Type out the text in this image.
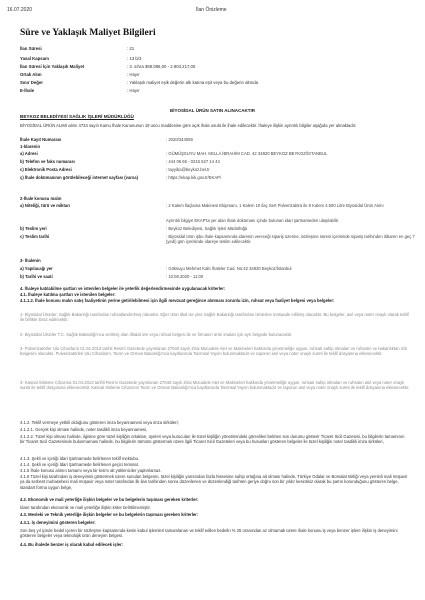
16.07.2020	İlan Önizleme
Süre ve Yaklaşık Maliyet Bilgileri
İlan Süresi	: 21
Yasal Kapsam	: 13 b/3
İlan Süresi İçin Yaklaşık Maliyet	: 3. sıhra 388.086,00 - 2.904.217,00
Ortak Alım	: Hayır
Sınır Değer	: Yaklaşık maliyet eşik değerin altı katına eşit veya bu değerin altında
E-İhale	: Hayır
BİYOSİDAL ÜRÜN SATIN ALINACAKTIR
BEYKOZ BELEDİYESİ SAĞLIK İŞLERİ MÜDÜRLÜĞÜ
BİYOSİDAL ÜRÜN ALIMI alımı 4734 sayılı Kamu İhale Kanununun 19 uncu maddesine göre açık ihale usulü ile ihale edilecektir. İhaleye ilişkin ayrıntılı bilgiler aşağıda yer almaktadır:
İhale Kayıt Numarası	: 2020/344059
1-İdarenin
a) Adresi	: GÜMÜŞSUYU MAH. KELLA İBRAHİM CAD. 42 34820 BEYKOZ BEYKOZ/İSTANBUL
b) Telefon ve faks numarası	: 444 06 65 - 0216 527 14 44
c) Elektronik Posta Adresi	: tayyiba@beykoz.bel.tr
ç) İhale dokümanının görülebileceği internet sayfası (varsa)	: https://ekap.kik.gov.tr/EKAP/
2-İhale konusu malın
a) Niteliği, türü ve miktarı	: 2 Kalem İlaçlama Makinesi Ekipmanı, 1 Kalem 10 ilaç Sert Pulverizatörü ile 8 Kalem 4.500 Litre Biyosidal Ürün Alımı
Ayrıntılı bilgiye EKAP'ta yer alan ihale dokümanı içinde bulunan idari şartnameden ulaşılabilir.
b) Teslim yeri	: Beykoz Belediyesi, Sağlık İşleri Müdürlüğü
c) Teslim tarihi	: Biyosidal ürün işbu ihale kapsamında idarenin vereceği sipariş üzerine, sözleşme süresi içerisinde sipariş tarihinden itibaren en geç 7 (yedi) gün içerisinde idareye teslim edilecektir.
3- İhalenin
a) Yapılacağı yer	: Göksuyu Mehmet Kaltı İhaleler Cad. No:42 34820 Beykoz/İstanbul
b) Tarihi ve saati	: 10.08.2020 - 11:00
4. İhaleye katılabilme şartları ve istenilen belgeler ile yeterlik değerlendirmesinde uygulanacak kriterler:
4.1. İhaleye katılma şartları ve istenilen belgeler:
4.1.1.2. İhale konusu malın satış faaliyetinin yerine getirilebilmesi için ilgili mevzuat gereğince alınması zorunlu izin, ruhsat veya faaliyet belgesi veya belgeler:
1- Biyosidal Ürünler; Sağlık Bakanlığı tarafından ruhsatlandırılmış olacaktır. Eğer ürün itkal ise yine Sağlık Bakanlığı tarafından izinlerine müsaade edilmiş olacaktır. Bu belgeler, asıl veya noter onaylı olarak teklif ile birlikte ibraz edilecektir.
2- Biyosidal Ürünler T.C. Sağlık Bakanlığı'nca verilmiş olan ithalat izni veya ruhsat belgesi ile ve firmanın ürün imalatı için ayrı belgede bulunacaktır.
3- Pulverizatörler Ulu Cihazların 01.04.2013 tarihli Resmî Gazetede yayınlanan 27040 sayılı Zirai Mücadele Alet ve Makineleri hakkında yönetmeliğe uygun, ruhsatı sahip olmaları ve ruhsatın ve bakanlıktan izin belgesini olacaktır. Pulverizatörleri Ulu Cihazların, Tarım ve Orman Bakanlığı'nca kayıtlarında Tarımsal Yayım bulunmaktadır ve raporun asıl veya noter onaylı sureti ile teklif dosyasına eklenecektir.
3- Kasnal Sisleme Cihazına 01.04.2013 tarihli Resmi Gazetede yayınlanan 27040 sayılı Zirai Mücadele Alet ve Makineleri hakkında yönetmeliğe uygun, ruhsatı sahip olmaları ve ruhsatın asıl veya noter onaylı sureti ile teklif dosyasına eklenecektir. Kasnal Sisleme Cihazının Tarım ve Orman Bakanlığı'nca kayıtlarında Tarımsal Yayım bulunmaktadır ve raporun asıl veya noter onaylı sureti ile teklif dosyasına eklenecektir.
4.1.2. Teklif vermeye yetkili olduğunu gösteren imza beyannamesi veya imza sirküleri;
4.1.2.1. Gerçek kişi olması halinde, noter tasdikli imza beyannamesi,
4.1.2.2. Tüzel kişi olması halinde, ilgisine göre tüzel kişiliğin ortakları, üyeleri veya kurucuları ile tüzel kişiliğin yönetimindeki görevlileri belirten son durumu gösterir Ticaret Sicil Gazetesi, bu bilgilerin tamamının bir Ticaret Sicil Gazetesinde bulunmaması halinde, bu bilgilerin tümünü göstermek üzere ilgili Ticaret Sicil Gazeteleri veya bu hususları gösteren belgeler ile tüzel kişiliğin noter tasdikli imza sirküleri,
4.1.3. Şekli ve içeriği İdari Şartnamede belirlenen teklif mektubu.
4.1.4. Şekli ve içeriği İdari Şartnamede belirlenen geçici teminat.
4.1.5 İhale konusu alımın tamamı veya bir kısmı alt yükleniciler yaptırılamaz.
4.1.6 Tüzel kişi tarafından iş deneyimini göstermek üzere sunulan belgenin, tüzel kişiliğin yarısından fazla hissesine sahip ortağına ait olması halinde, Türkiye Odalar ve Borsalar Birliği veya yeminli mali müşavir ya da serbest muhasebeci mali müşavir veya noter tarafından ilk ilan tarihinden sonra düzenlenen ve düzenlendiği tarihten geriye doğru son bir yıldır kesintisiz olarak bu şartın korunduğunu gösteren belge, standart forma uygun belge,
4.2. Ekonomik ve mali yeterliğe ilişkin belgeler ve bu belgelerin taşıması gereken kriterler:
İdare tarafından ekonomik ve mali yeterliğe ilişkin kriter belirtilmemiştir.
4.3. Mesleki ve Teknik yeterliğe ilişkin belgeler ve bu belgelerin taşıması gereken kriterler:
4.3.1. İş deneyimini gösteren belgeler:
Son beş yıl içinde bedel içeren bir sözleşme kapsamında kesin kabul işlemleri tamamlanan ve teklif edilen bedelin % 25 oranından az olmamak üzere ihale konusu iş veya benzer işlere ilişkin iş deneyimini gösteren belgeler veya teknolojik ürün deneyim belgesi.
4.4. Bu ihalede benzer iş olarak kabul edilecek işler:
